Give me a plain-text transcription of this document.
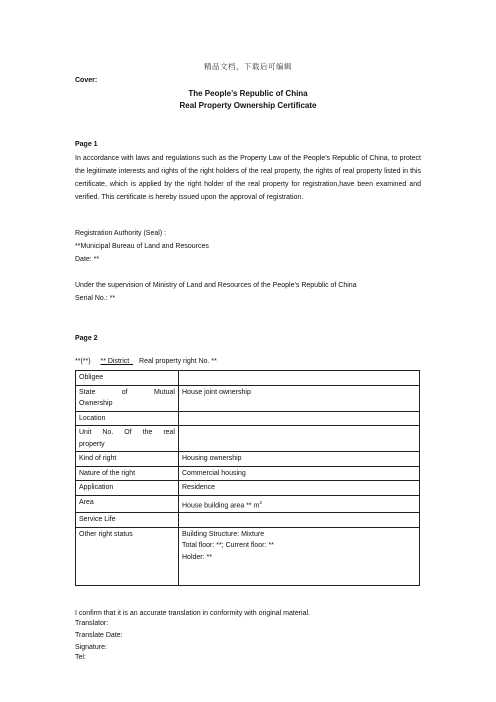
精品文档，下载后可编辑
Cover:
The People’s Republic of China
Real Property Ownership Certificate
Page 1
In accordance with laws and regulations such as the Property Law of the People’s Republic of China, to protect the legitimate interests and rights of the right holders of the real property, the rights of real property listed in this certificate, which is applied by the right holder of the real property for registration,have been examined and verified. This certificate is hereby issued upon the approval of registration.
Registration Authority (Seal) :
**Municipal Bureau of Land and Resources
Date: **
Under the supervision of Ministry of Land and Resources of the People’s Republic of China
Serial No.: **
Page 2
**(**) ** District Real property right No. **
Obligee	

State of Mutual
Ownership	House joint ownership
Location	

Unit No. Of the real
property	

Kind of right	Housing ownership
Nature of the right	Commercial housing
Application	Residence
Area	House building area ** $m^2$
Service Life	
Other right status	Building Structure: Mixture
Total floor: **; Current floor: **
Holder: **
I confirm that it is an accurate translation in conformity with original material.
Translator:
Translate Date:
Signature:
Tel:
